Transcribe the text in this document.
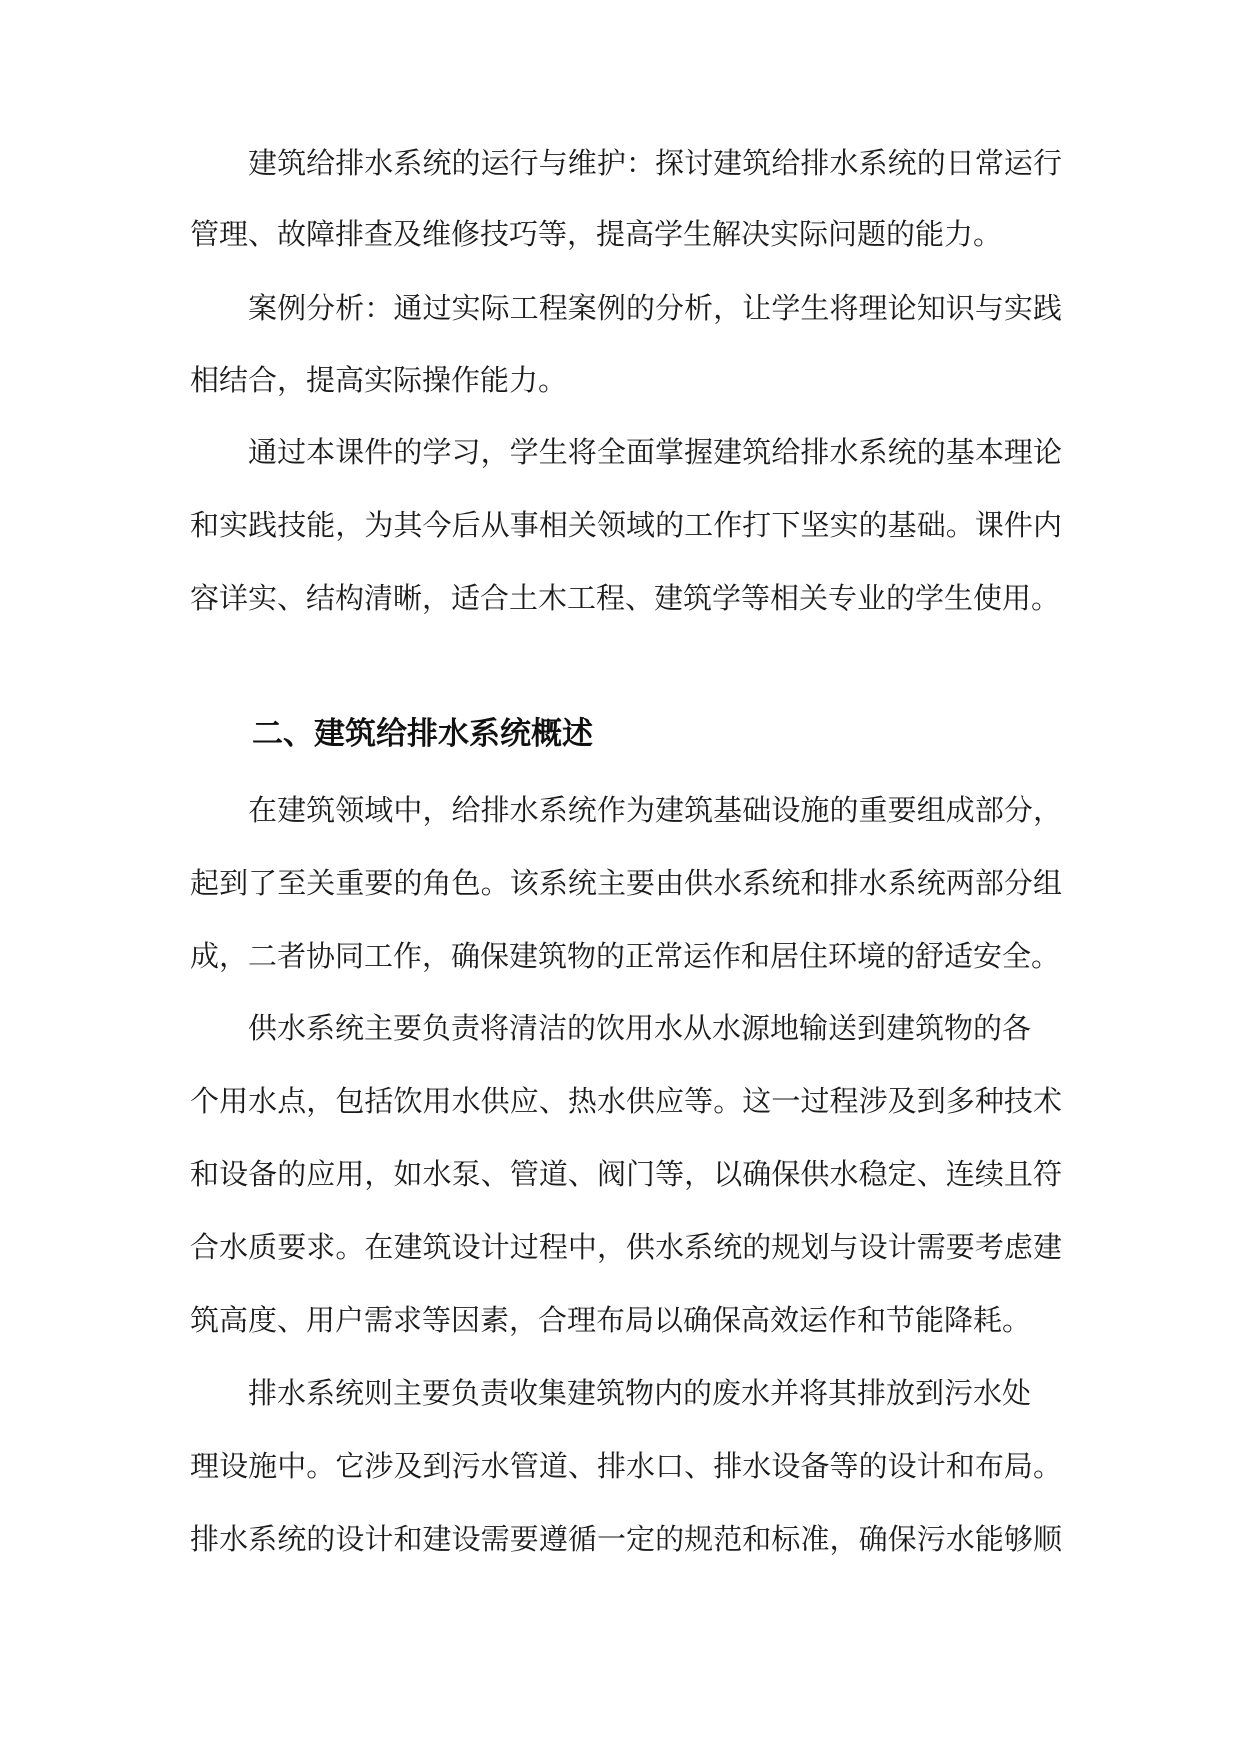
建筑给排水系统的运行与维护：探讨建筑给排水系统的日常运行

管理、故障排查及维修技巧等，提高学生解决实际问题的能力。

案例分析：通过实际工程案例的分析，让学生将理论知识与实践

相结合，提高实际操作能力。

通过本课件的学习，学生将全面掌握建筑给排水系统的基本理论

和实践技能，为其今后从事相关领域的工作打下坚实的基础。课件内

容详实、结构清晰，适合土木工程、建筑学等相关专业的学生使用。

二、建筑给排水系统概述

在建筑领域中，给排水系统作为建筑基础设施的重要组成部分，

起到了至关重要的角色。该系统主要由供水系统和排水系统两部分组

成，二者协同工作，确保建筑物的正常运作和居住环境的舒适安全。

供水系统主要负责将清洁的饮用水从水源地输送到建筑物的各

个用水点，包括饮用水供应、热水供应等。这一过程涉及到多种技术

和设备的应用，如水泵、管道、阀门等，以确保供水稳定、连续且符

合水质要求。在建筑设计过程中，供水系统的规划与设计需要考虑建

筑高度、用户需求等因素，合理布局以确保高效运作和节能降耗。

排水系统则主要负责收集建筑物内的废水并将其排放到污水处

理设施中。它涉及到污水管道、排水口、排水设备等的设计和布局。

排水系统的设计和建设需要遵循一定的规范和标准，确保污水能够顺
